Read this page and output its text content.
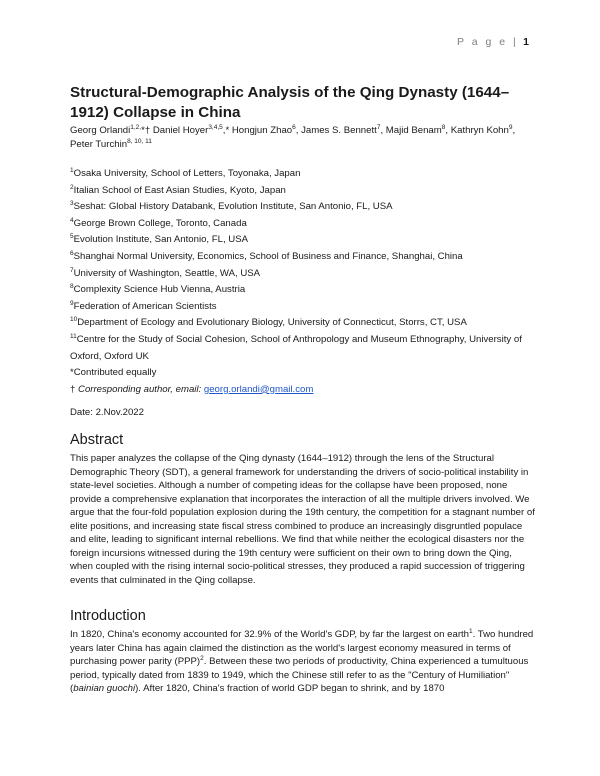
P a g e | 1
Structural-Demographic Analysis of the Qing Dynasty (1644–1912) Collapse in China
Georg Orlandi$^{1,2,}$*† Daniel Hoyer$^{3,4,5}$,* Hongjun Zhao$^6$, James S. Bennett$^7$, Majid Benam$^8$, Kathryn Kohn$^9$, Peter Turchin$^{8, 10, 11}$
$^1$Osaka University, School of Letters, Toyonaka, Japan
$^2$Italian School of East Asian Studies, Kyoto, Japan
$^3$Seshat: Global History Databank, Evolution Institute, San Antonio, FL, USA
$^4$George Brown College, Toronto, Canada
$^5$Evolution Institute, San Antonio, FL, USA
$^6$Shanghai Normal University, Economics, School of Business and Finance, Shanghai, China
$^7$University of Washington, Seattle, WA, USA
$^8$Complexity Science Hub Vienna, Austria
$^9$Federation of American Scientists
$^{10}$Department of Ecology and Evolutionary Biology, University of Connecticut, Storrs, CT, USA
$^{11}$Centre for the Study of Social Cohesion, School of Anthropology and Museum Ethnography, University of Oxford, Oxford UK
*Contributed equally
† Corresponding author, email: georg.orlandi@gmail.com
Date: 2.Nov.2022
Abstract
This paper analyzes the collapse of the Qing dynasty (1644–1912) through the lens of the Structural Demographic Theory (SDT), a general framework for understanding the drivers of socio-political instability in state-level societies. Although a number of competing ideas for the collapse have been proposed, none provide a comprehensive explanation that incorporates the interaction of all the multiple drivers involved. We argue that the four-fold population explosion during the 19th century, the competition for a stagnant number of elite positions, and increasing state fiscal stress combined to produce an increasingly disgruntled populace and elite, leading to significant internal rebellions. We find that while neither the ecological disasters nor the foreign incursions witnessed during the 19th century were sufficient on their own to bring down the Qing, when coupled with the rising internal socio-political stresses, they produced a rapid succession of triggering events that culminated in the Qing collapse.
Introduction
In 1820, China's economy accounted for 32.9% of the World's GDP, by far the largest on earth$^1$. Two hundred years later China has again claimed the distinction as the world's largest economy measured in terms of purchasing power parity (PPP)$^2$. Between these two periods of productivity, China experienced a tumultuous period, typically dated from 1839 to 1949, which the Chinese still refer to as the "Century of Humiliation" (bainian guochi). After 1820, China's fraction of world GDP began to shrink, and by 1870
